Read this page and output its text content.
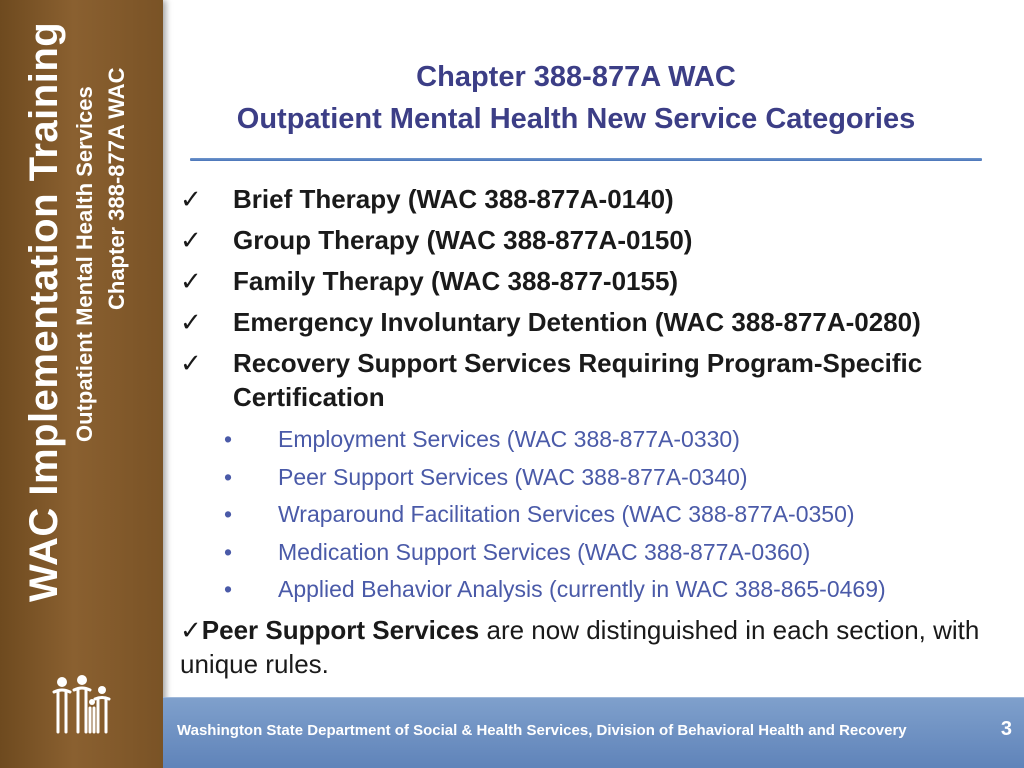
WAC Implementation Training Outpatient Mental Health Services Chapter 388-877A WAC	Chapter 388-877A WAC
Outpatient Mental Health New Service Categories
✓	Brief Therapy (WAC 388-877A-0140)
✓	Group Therapy (WAC 388-877A-0150)
✓	Family Therapy (WAC 388-877-0155)
✓	Emergency Involuntary Detention (WAC 388-877A-0280)
✓	Recovery Support Services Requiring Program-Specific Certification
•	Employment Services (WAC 388-877A-0330)
•	Peer Support Services (WAC 388-877A-0340)
•	Wraparound Facilitation Services (WAC 388-877A-0350)
•	Medication Support Services (WAC 388-877A-0360)
•	Applied Behavior Analysis (currently in WAC 388-865-0469)
✓Peer Support Services are now distinguished in each section, with unique rules.
Washington State Department of Social & Health Services, Division of Behavioral Health and Recovery	3
